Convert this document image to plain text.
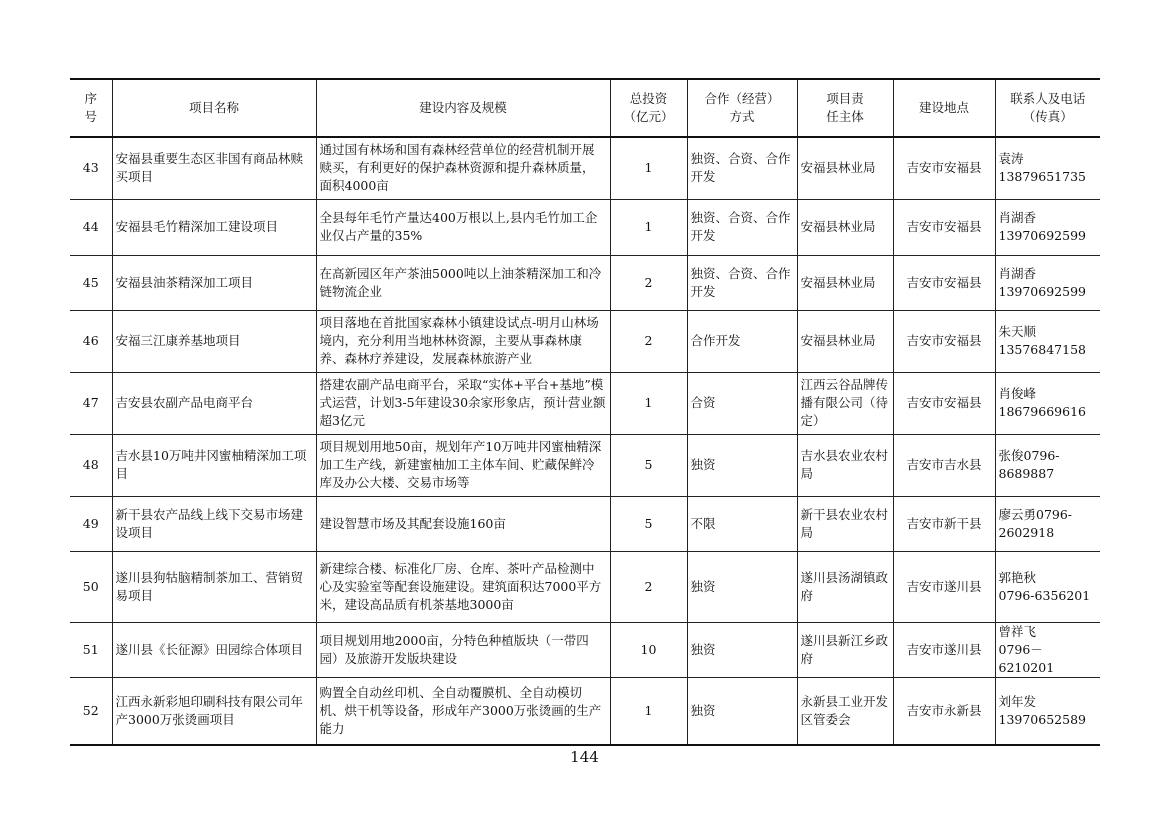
序
号	项目名称	建设内容及规模	总投资
（亿元）	合作（经营）
方式	项目责
任主体	建设地点	联系人及电话
（传真）
43	安福县重要生态区非国有商品林赎买项目	通过国有林场和国有森林经营单位的经营机制开展赎买，有利更好的保护森林资源和提升森林质量，面积4000亩	1	独资、合资、合作开发	安福县林业局	吉安市安福县	袁涛
13879651735
44	安福县毛竹精深加工建设项目	全县每年毛竹产量达400万根以上,县内毛竹加工企业仅占产量的35%	1	独资、合资、合作开发	安福县林业局	吉安市安福县	肖湖香
13970692599
45	安福县油茶精深加工项目	在高新园区年产茶油5000吨以上油茶精深加工和冷链物流企业	2	独资、合资、合作开发	安福县林业局	吉安市安福县	肖湖香
13970692599
46	安福三江康养基地项目	项目落地在首批国家森林小镇建设试点-明月山林场境内，充分利用当地林林资源，主要从事森林康养、森林疗养建设，发展森林旅游产业	2	合作开发	安福县林业局	吉安市安福县	朱天顺
13576847158
47	吉安县农副产品电商平台	搭建农副产品电商平台，采取“实体+平台+基地”模式运营，计划3-5年建设30余家形象店，预计营业额超3亿元	1	合资	江西云谷品牌传播有限公司（待定）	吉安市安福县	肖俊峰
18679669616
48	吉水县10万吨井冈蜜柚精深加工项目	项目规划用地50亩，规划年产10万吨井冈蜜柚精深加工生产线，新建蜜柚加工主体车间、贮藏保鲜冷库及办公大楼、交易市场等	5	独资	吉水县农业农村局	吉安市吉水县	张俊0796-
8689887
49	新干县农产品线上线下交易市场建设项目	建设智慧市场及其配套设施160亩	5	不限	新干县农业农村局	吉安市新干县	廖云勇0796-
2602918
50	遂川县狗牯脑精制茶加工、营销贸易项目	新建综合楼、标准化厂房、仓库、茶叶产品检测中心及实验室等配套设施建设。建筑面积达7000平方米，建设高品质有机茶基地3000亩	2	独资	遂川县汤湖镇政府	吉安市遂川县	郭艳秋
0796-6356201
51	遂川县《长征源》田园综合体项目	项目规划用地2000亩，分特色种植版块（一带四园）及旅游开发版块建设	10	独资	遂川县新江乡政府	吉安市遂川县	曾祥飞
0796－6210201
52	江西永新彩旭印刷科技有限公司年产3000万张烫画项目	购置全自动丝印机、全自动覆膜机、全自动模切机、烘干机等设备，形成年产3000万张烫画的生产能力	1	独资	永新县工业开发区管委会	吉安市永新县	刘年发
13970652589
144
